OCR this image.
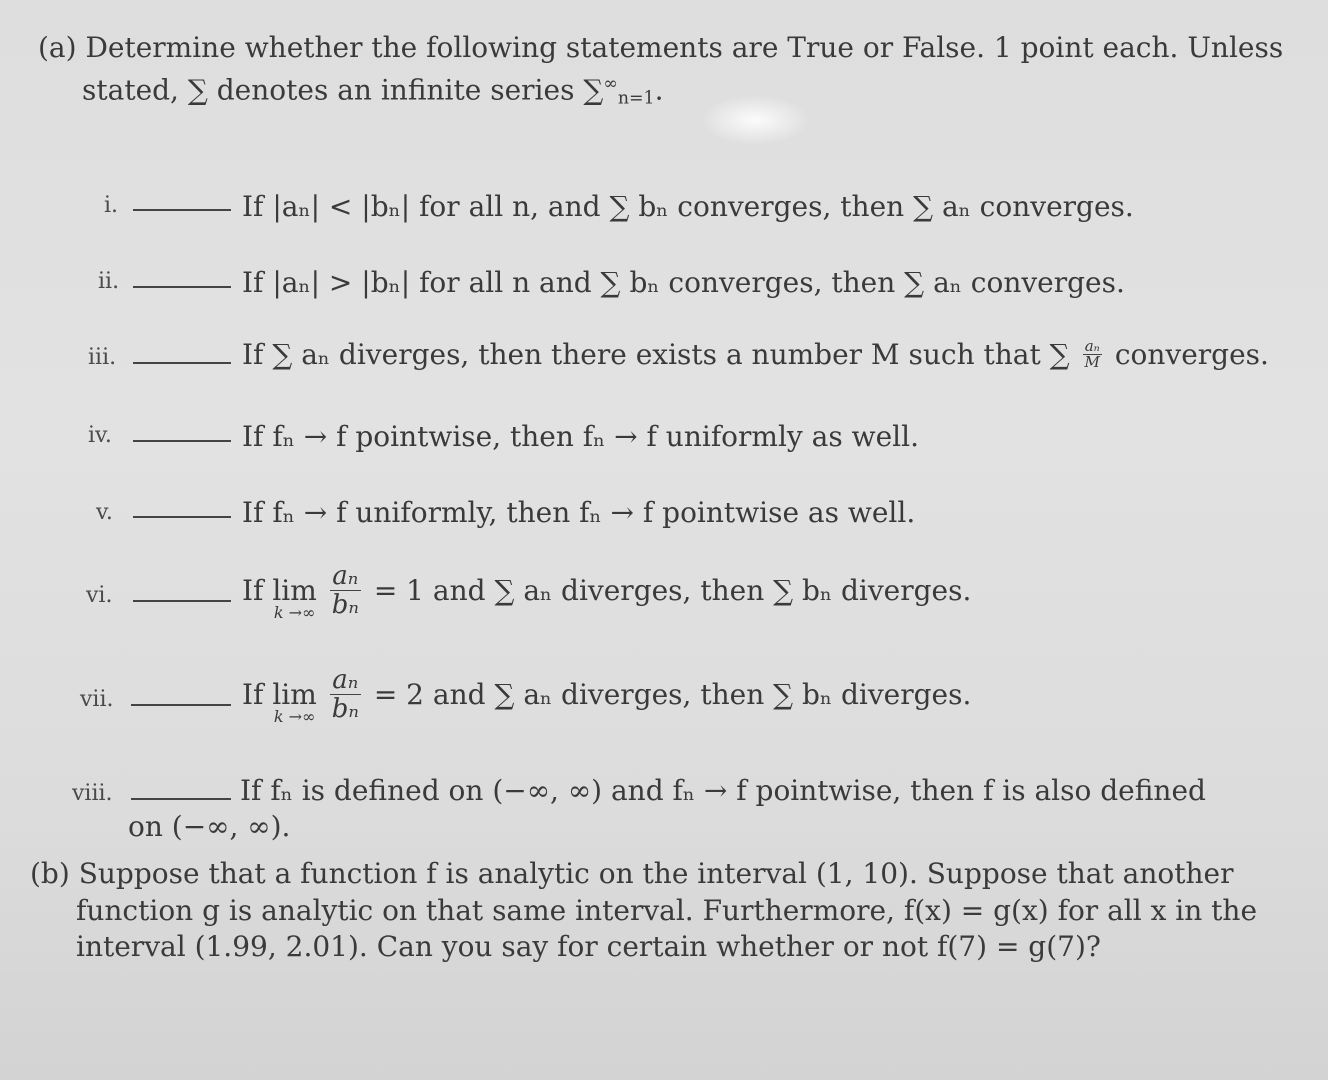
(a) Determine whether the following statements are True or False. 1 point each. Unless
stated, ∑ denotes an infinite series $\sum^\infty_{n=1}$.
i.	If |aₙ| < |bₙ| for all n, and ∑ bₙ converges, then ∑ aₙ converges.
ii.	If |aₙ| > |bₙ| for all n and ∑ bₙ converges, then ∑ aₙ converges.
iii.	If ∑ aₙ diverges, then there exists a number M such that ∑ $\frac{\text{aₙ}}{M}$ converges.
iv.	If fₙ → f pointwise, then fₙ → f uniformly as well.
v.	If fₙ → f uniformly, then fₙ → f pointwise as well.
vi.	If lim
k →∞
$\frac{\text{aₙ}}{\text{bₙ}} = 1$ and ∑ aₙ diverges, then ∑ bₙ diverges.
vii.	If lim
k →∞
$\frac{\text{aₙ}}{\text{bₙ}} = 2$ and ∑ aₙ diverges, then ∑ bₙ diverges.
viii.	If fₙ is defined on (−∞, ∞) and fₙ → f pointwise, then f is also defined
on (−∞, ∞).
(b) Suppose that a function f is analytic on the interval (1, 10). Suppose that another
function g is analytic on that same interval. Furthermore, f(x) = g(x) for all x in the
interval (1.99, 2.01). Can you say for certain whether or not f(7) = g(7)?
